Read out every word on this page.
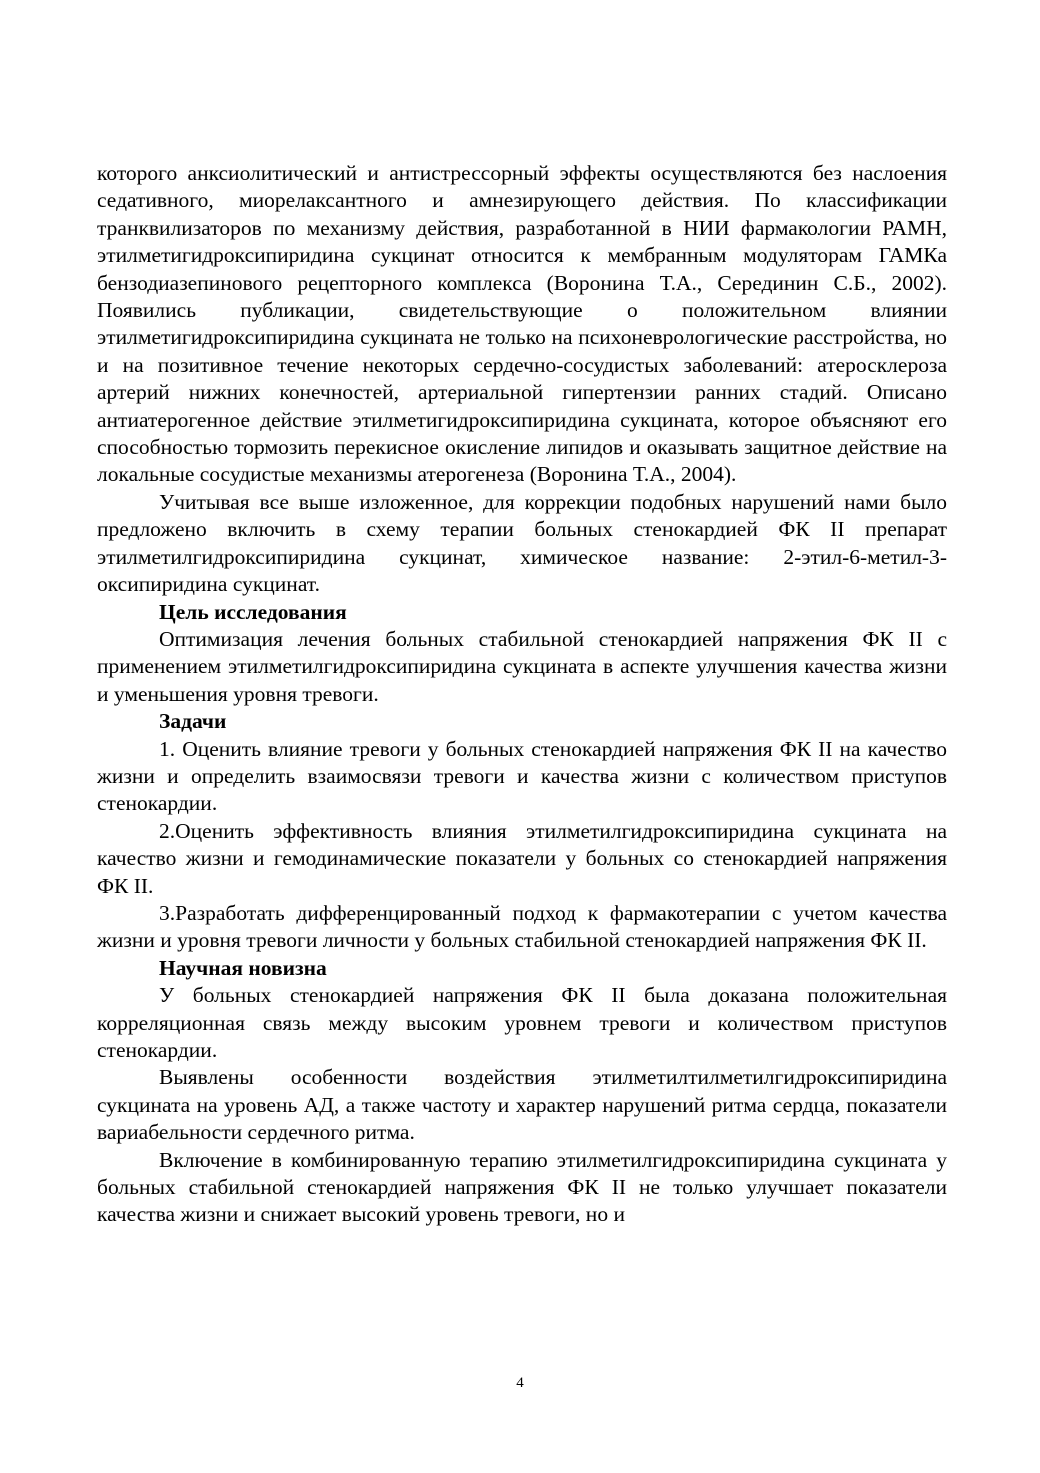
которого анксиолитический и антистрессорный эффекты осуществляются без наслоения седативного, миорелаксантного и амнезирующего действия. По классификации транквилизаторов по механизму действия, разработанной в НИИ фармакологии РАМН, этилметигидроксипиридина сукцинат относится к мембранным модуляторам ГАМКа бензодиазепинового рецепторного комплекса (Воронина Т.А., Серединин С.Б., 2002). Появились публикации, свидетельствующие о положительном влиянии этилметигидроксипиридина сукцината не только на психоневрологические расстройства, но и на позитивное течение некоторых сердечно-сосудистых заболеваний: атеросклероза артерий нижних конечностей, артериальной гипертензии ранних стадий. Описано антиатерогенное действие этилметигидроксипиридина сукцината, которое объясняют его способностью тормозить перекисное окисление липидов и оказывать защитное действие на локальные сосудистые механизмы атерогенеза (Воронина Т.А., 2004).

Учитывая все выше изложенное, для коррекции подобных нарушений нами было предложено включить в схему терапии больных стенокардией ФК II препарат этилметилгидроксипиридина сукцинат, химическое название: 2-этил-6-метил-3-оксипиридина сукцинат.

Цель исследования

Оптимизация лечения больных стабильной стенокардией напряжения ФК II с применением этилметилгидроксипиридина сукцината в аспекте улучшения качества жизни и уменьшения уровня тревоги.

Задачи

1. Оценить влияние тревоги у больных стенокардией напряжения ФК II на качество жизни и определить взаимосвязи тревоги и качества жизни с количеством приступов стенокардии.

2.Оценить эффективность влияния этилметилгидроксипиридина сукцината на качество жизни и гемодинамические показатели у больных со стенокардией напряжения ФК II.

3.Разработать дифференцированный подход к фармакотерапии с учетом качества жизни и уровня тревоги личности у больных стабильной стенокардией напряжения ФК II.

Научная новизна

У больных стенокардией напряжения ФК II была доказана положительная корреляционная связь между высоким уровнем тревоги и количеством приступов стенокардии.

Выявлены особенности воздействия этилметилтилметилгидроксипиридина сукцината на уровень АД, а также частоту и характер нарушений ритма сердца, показатели вариабельности сердечного ритма.

Включение в комбинированную терапию этилметилгидроксипиридина сукцината у больных стабильной стенокардией напряжения ФК II не только улучшает показатели качества жизни и снижает высокий уровень тревоги, но и

4
